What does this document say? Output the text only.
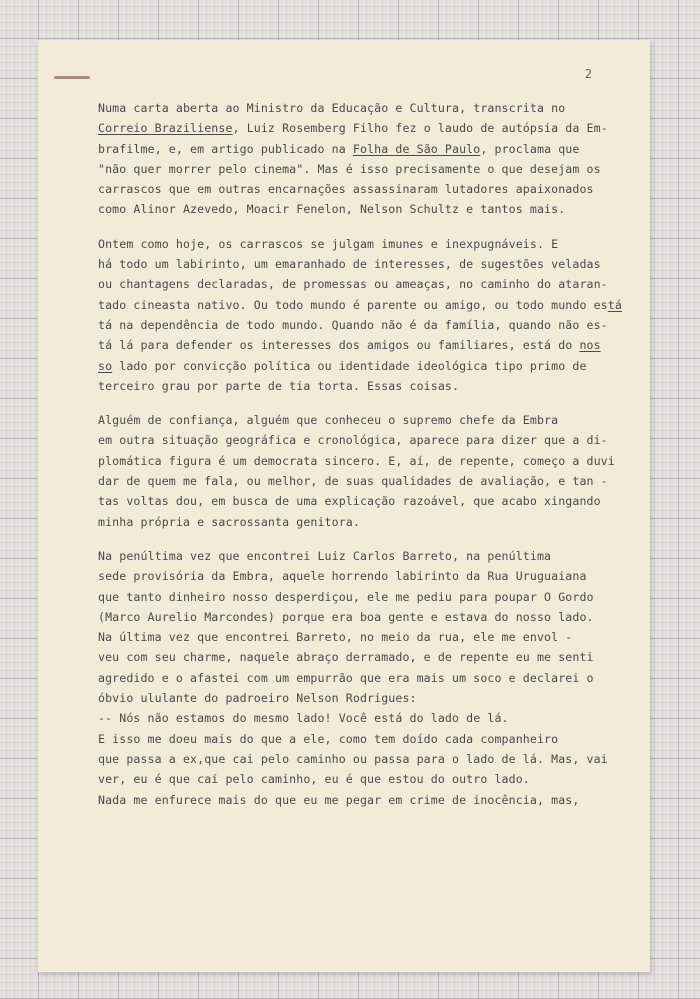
2
Numa carta aberta ao Ministro da Educação e Cultura, transcrita no
Correio Braziliense, Luiz Rosemberg Filho fez o laudo de autópsia da Em-
brafilme, e, em artigo publicado na Folha de São Paulo, proclama que
"não quer morrer pelo cinema". Mas é isso precisamente o que desejam os
carrascos que em outras encarnações assassinaram lutadores apaixonados
como Alinor Azevedo, Moacir Fenelon, Nelson Schultz e tantos mais.
Ontem como hoje, os carrascos se julgam imunes e inexpugnáveis. E
há todo um labirinto, um emaranhado de interesses, de sugestões veladas
ou chantagens declaradas, de promessas ou ameaças, no caminho do ataran-
tado cineasta nativo. Ou todo mundo é parente ou amigo, ou todo mundo está
tá na dependência de todo mundo. Quando não é da família, quando não es-
tá lá para defender os interesses dos amigos ou familiares, está do nos
so lado por convicção política ou identidade ideológica tipo primo de
terceiro grau por parte de tia torta. Essas coisas.
Alguém de confiança, alguém que conheceu o supremo chefe da Embra
em outra situação geográfica e cronológica, aparece para dizer que a di-
plomática figura é um democrata sincero. E, aí, de repente, começo a duvi
dar de quem me fala, ou melhor, de suas qualidades de avaliação, e tan -
tas voltas dou, em busca de uma explicação razoável, que acabo xingando
minha própria e sacrossanta genitora.
Na penúltima vez que encontrei Luiz Carlos Barreto, na penúltima
sede provisória da Embra, aquele horrendo labirinto da Rua Uruguaiana
que tanto dinheiro nosso desperdiçou, ele me pediu para poupar O Gordo
(Marco Aurelio Marcondes) porque era boa gente e estava do nosso lado.
Na última vez que encontrei Barreto, no meio da rua, ele me envol -
veu com seu charme, naquele abraço derramado, e de repente eu me senti
agredido e o afastei com um empurrão que era mais um soco e declarei o
óbvio ululante do padroeiro Nelson Rodrigues:
-- Nós não estamos do mesmo lado! Você está do lado de lá.
E isso me doeu mais do que a ele, como tem doído cada companheiro
que passa a ex,que cai pelo caminho ou passa para o lado de lá. Mas, vai
ver, eu é que caí pelo caminho, eu é que estou do outro lado.
Nada me enfurece mais do que eu me pegar em crime de inocência, mas,
